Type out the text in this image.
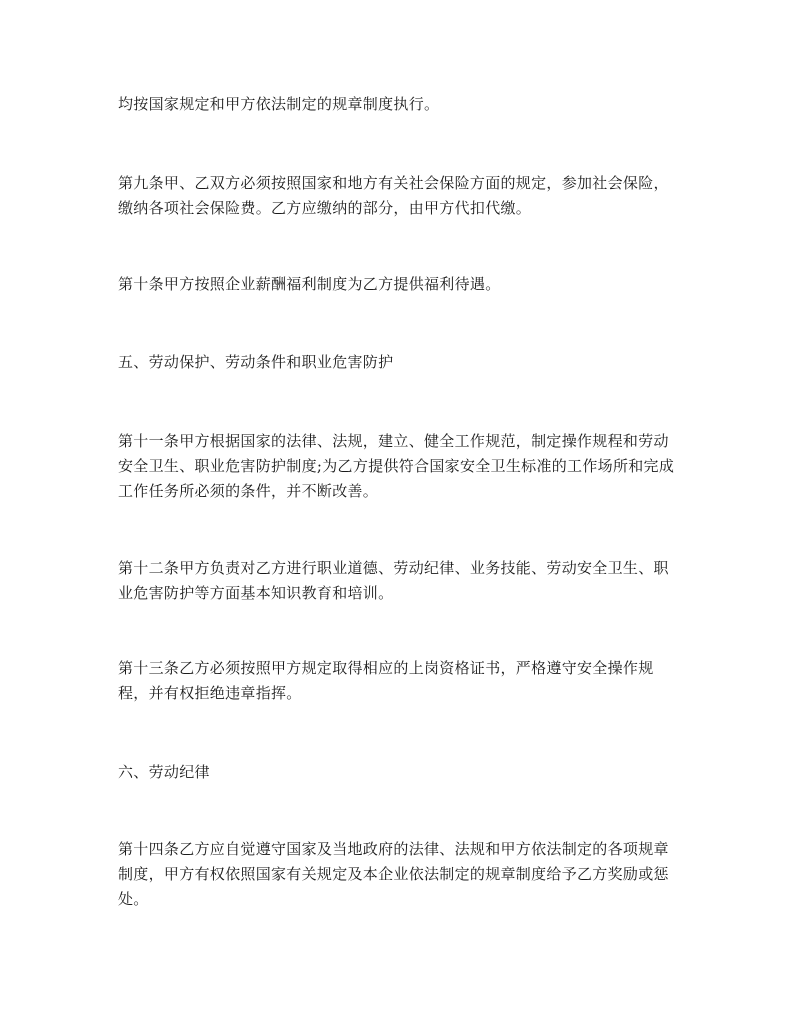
均按国家规定和甲方依法制定的规章制度执行。

第九条甲、乙双方必须按照国家和地方有关社会保险方面的规定，参加社会保险，缴纳各项社会保险费。乙方应缴纳的部分，由甲方代扣代缴。

第十条甲方按照企业薪酬福利制度为乙方提供福利待遇。

五、劳动保护、劳动条件和职业危害防护

第十一条甲方根据国家的法律、法规，建立、健全工作规范，制定操作规程和劳动安全卫生、职业危害防护制度;为乙方提供符合国家安全卫生标准的工作场所和完成工作任务所必须的条件，并不断改善。

第十二条甲方负责对乙方进行职业道德、劳动纪律、业务技能、劳动安全卫生、职业危害防护等方面基本知识教育和培训。

第十三条乙方必须按照甲方规定取得相应的上岗资格证书，严格遵守安全操作规程，并有权拒绝违章指挥。

六、劳动纪律

第十四条乙方应自觉遵守国家及当地政府的法律、法规和甲方依法制定的各项规章制度，甲方有权依照国家有关规定及本企业依法制定的规章制度给予乙方奖励或惩处。
